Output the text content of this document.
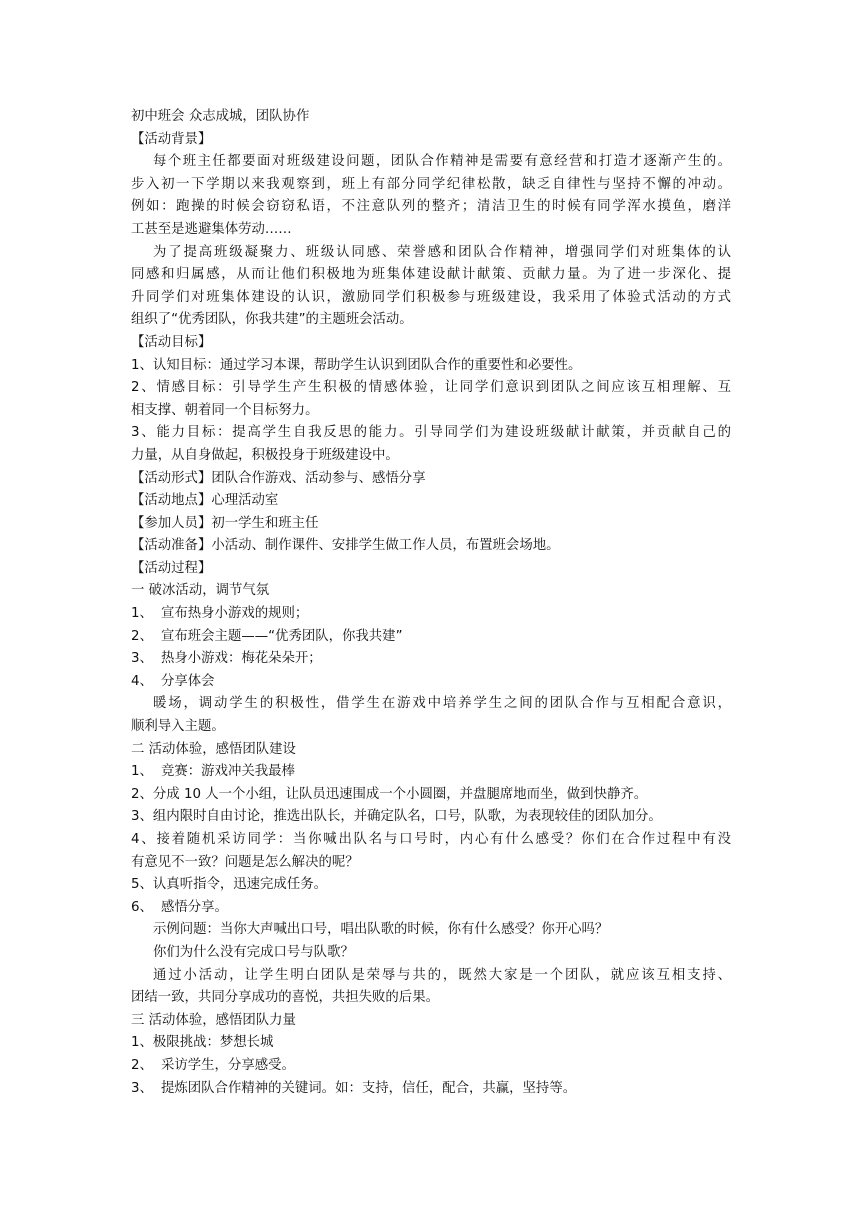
初中班会 众志成城，团队协作

【活动背景】

每个班主任都要面对班级建设问题，团队合作精神是需要有意经营和打造才逐渐产生的。

步入初一下学期以来我观察到，班上有部分同学纪律松散，缺乏自律性与坚持不懈的冲动。

例如：跑操的时候会窃窃私语，不注意队列的整齐；清洁卫生的时候有同学浑水摸鱼，磨洋

工甚至是逃避集体劳动……

为了提高班级凝聚力、班级认同感、荣誉感和团队合作精神，增强同学们对班集体的认

同感和归属感，从而让他们积极地为班集体建设献计献策、贡献力量。为了进一步深化、提

升同学们对班集体建设的认识，激励同学们积极参与班级建设，我采用了体验式活动的方式

组织了“优秀团队，你我共建”的主题班会活动。

【活动目标】

1、认知目标：通过学习本课，帮助学生认识到团队合作的重要性和必要性。

2、情感目标：引导学生产生积极的情感体验，让同学们意识到团队之间应该互相理解、互

相支撑、朝着同一个目标努力。

3、能力目标：提高学生自我反思的能力。引导同学们为建设班级献计献策，并贡献自己的

力量，从自身做起，积极投身于班级建设中。

【活动形式】团队合作游戏、活动参与、感悟分享

【活动地点】心理活动室

【参加人员】初一学生和班主任

【活动准备】小活动、制作课件、安排学生做工作人员，布置班会场地。

【活动过程】

一 破冰活动，调节气氛

1、 宣布热身小游戏的规则；

2、 宣布班会主题——“优秀团队，你我共建”

3、 热身小游戏：梅花朵朵开；

4、 分享体会

暖场，调动学生的积极性，借学生在游戏中培养学生之间的团队合作与互相配合意识，

顺利导入主题。

二 活动体验，感悟团队建设

1、 竞赛：游戏冲关我最棒

2、分成 10 人一个小组，让队员迅速围成一个小圆圈，并盘腿席地而坐，做到快静齐。

3、组内限时自由讨论，推选出队长，并确定队名，口号，队歌，为表现较佳的团队加分。

4、接着随机采访同学：当你喊出队名与口号时，内心有什么感受？你们在合作过程中有没

有意见不一致？问题是怎么解决的呢？

5、认真听指令，迅速完成任务。

6、 感悟分享。

示例问题：当你大声喊出口号，唱出队歌的时候，你有什么感受？你开心吗？

你们为什么没有完成口号与队歌？

通过小活动，让学生明白团队是荣辱与共的，既然大家是一个团队，就应该互相支持、

团结一致，共同分享成功的喜悦，共担失败的后果。

三 活动体验，感悟团队力量

1、极限挑战：梦想长城

2、 采访学生，分享感受。

3、 提炼团队合作精神的关键词。如：支持，信任，配合，共赢，坚持等。
